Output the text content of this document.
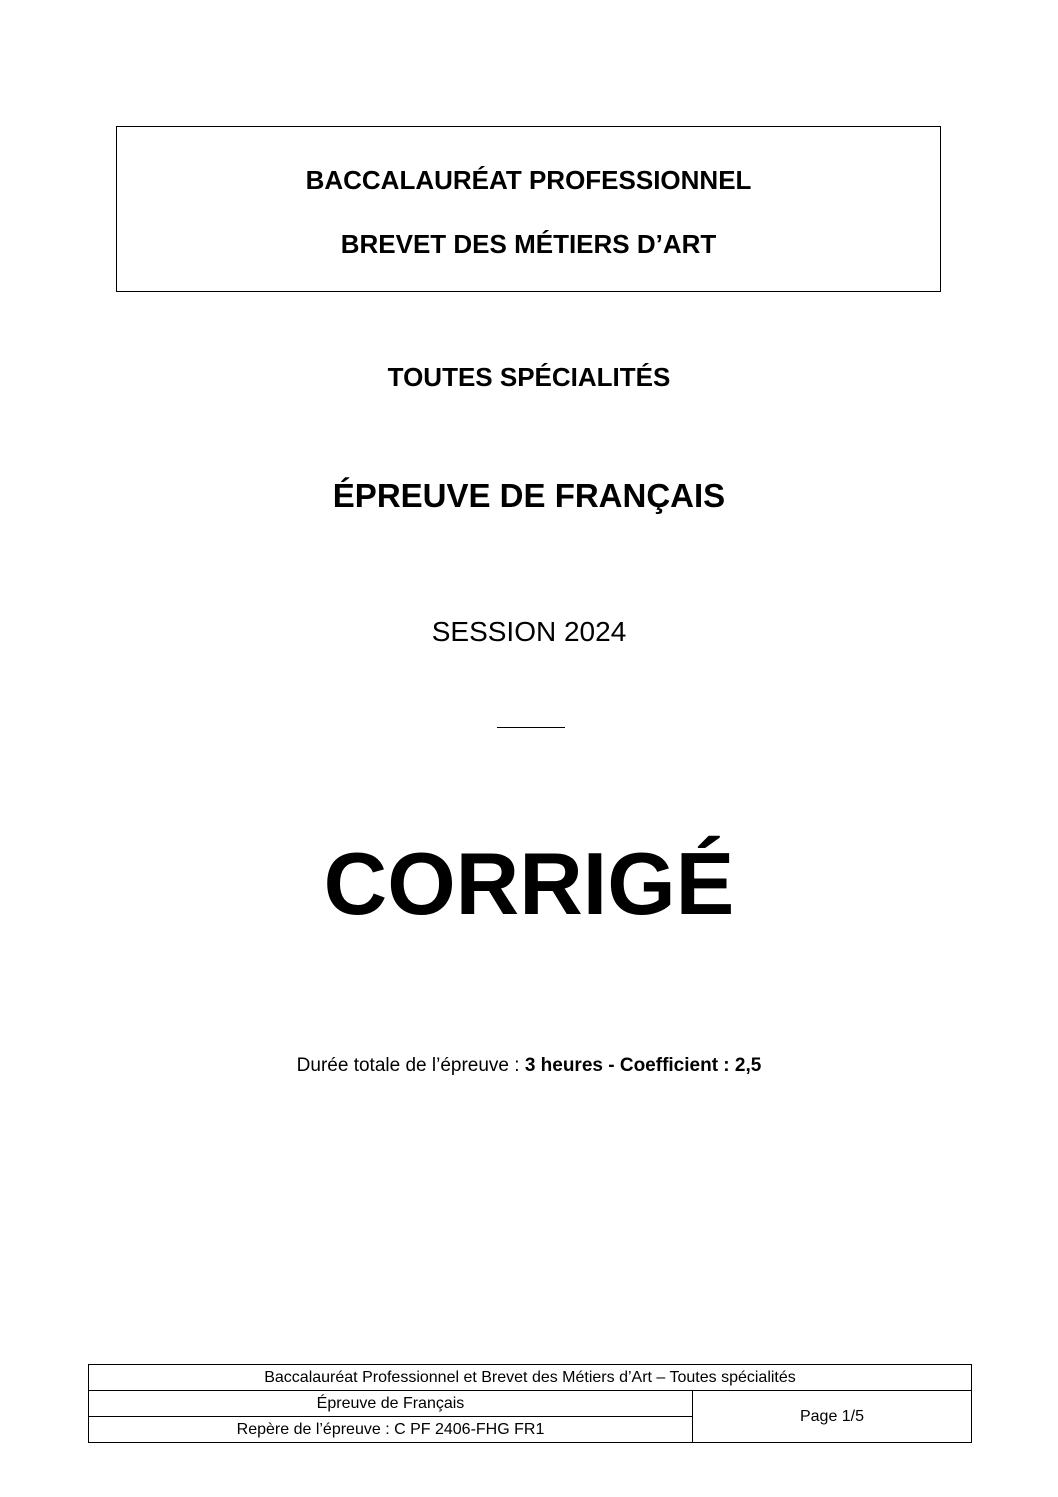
BACCALAURÉAT PROFESSIONNEL
BREVET DES MÉTIERS D’ART
TOUTES SPÉCIALITÉS
ÉPREUVE DE FRANÇAIS
SESSION 2024
CORRIGÉ
Durée totale de l’épreuve : 3 heures - Coefficient : 2,5
Baccalauréat Professionnel et Brevet des Métiers d’Art – Toutes spécialités
Épreuve de Français	Page 1/5
Repère de l’épreuve : C PF 2406-FHG FR1
